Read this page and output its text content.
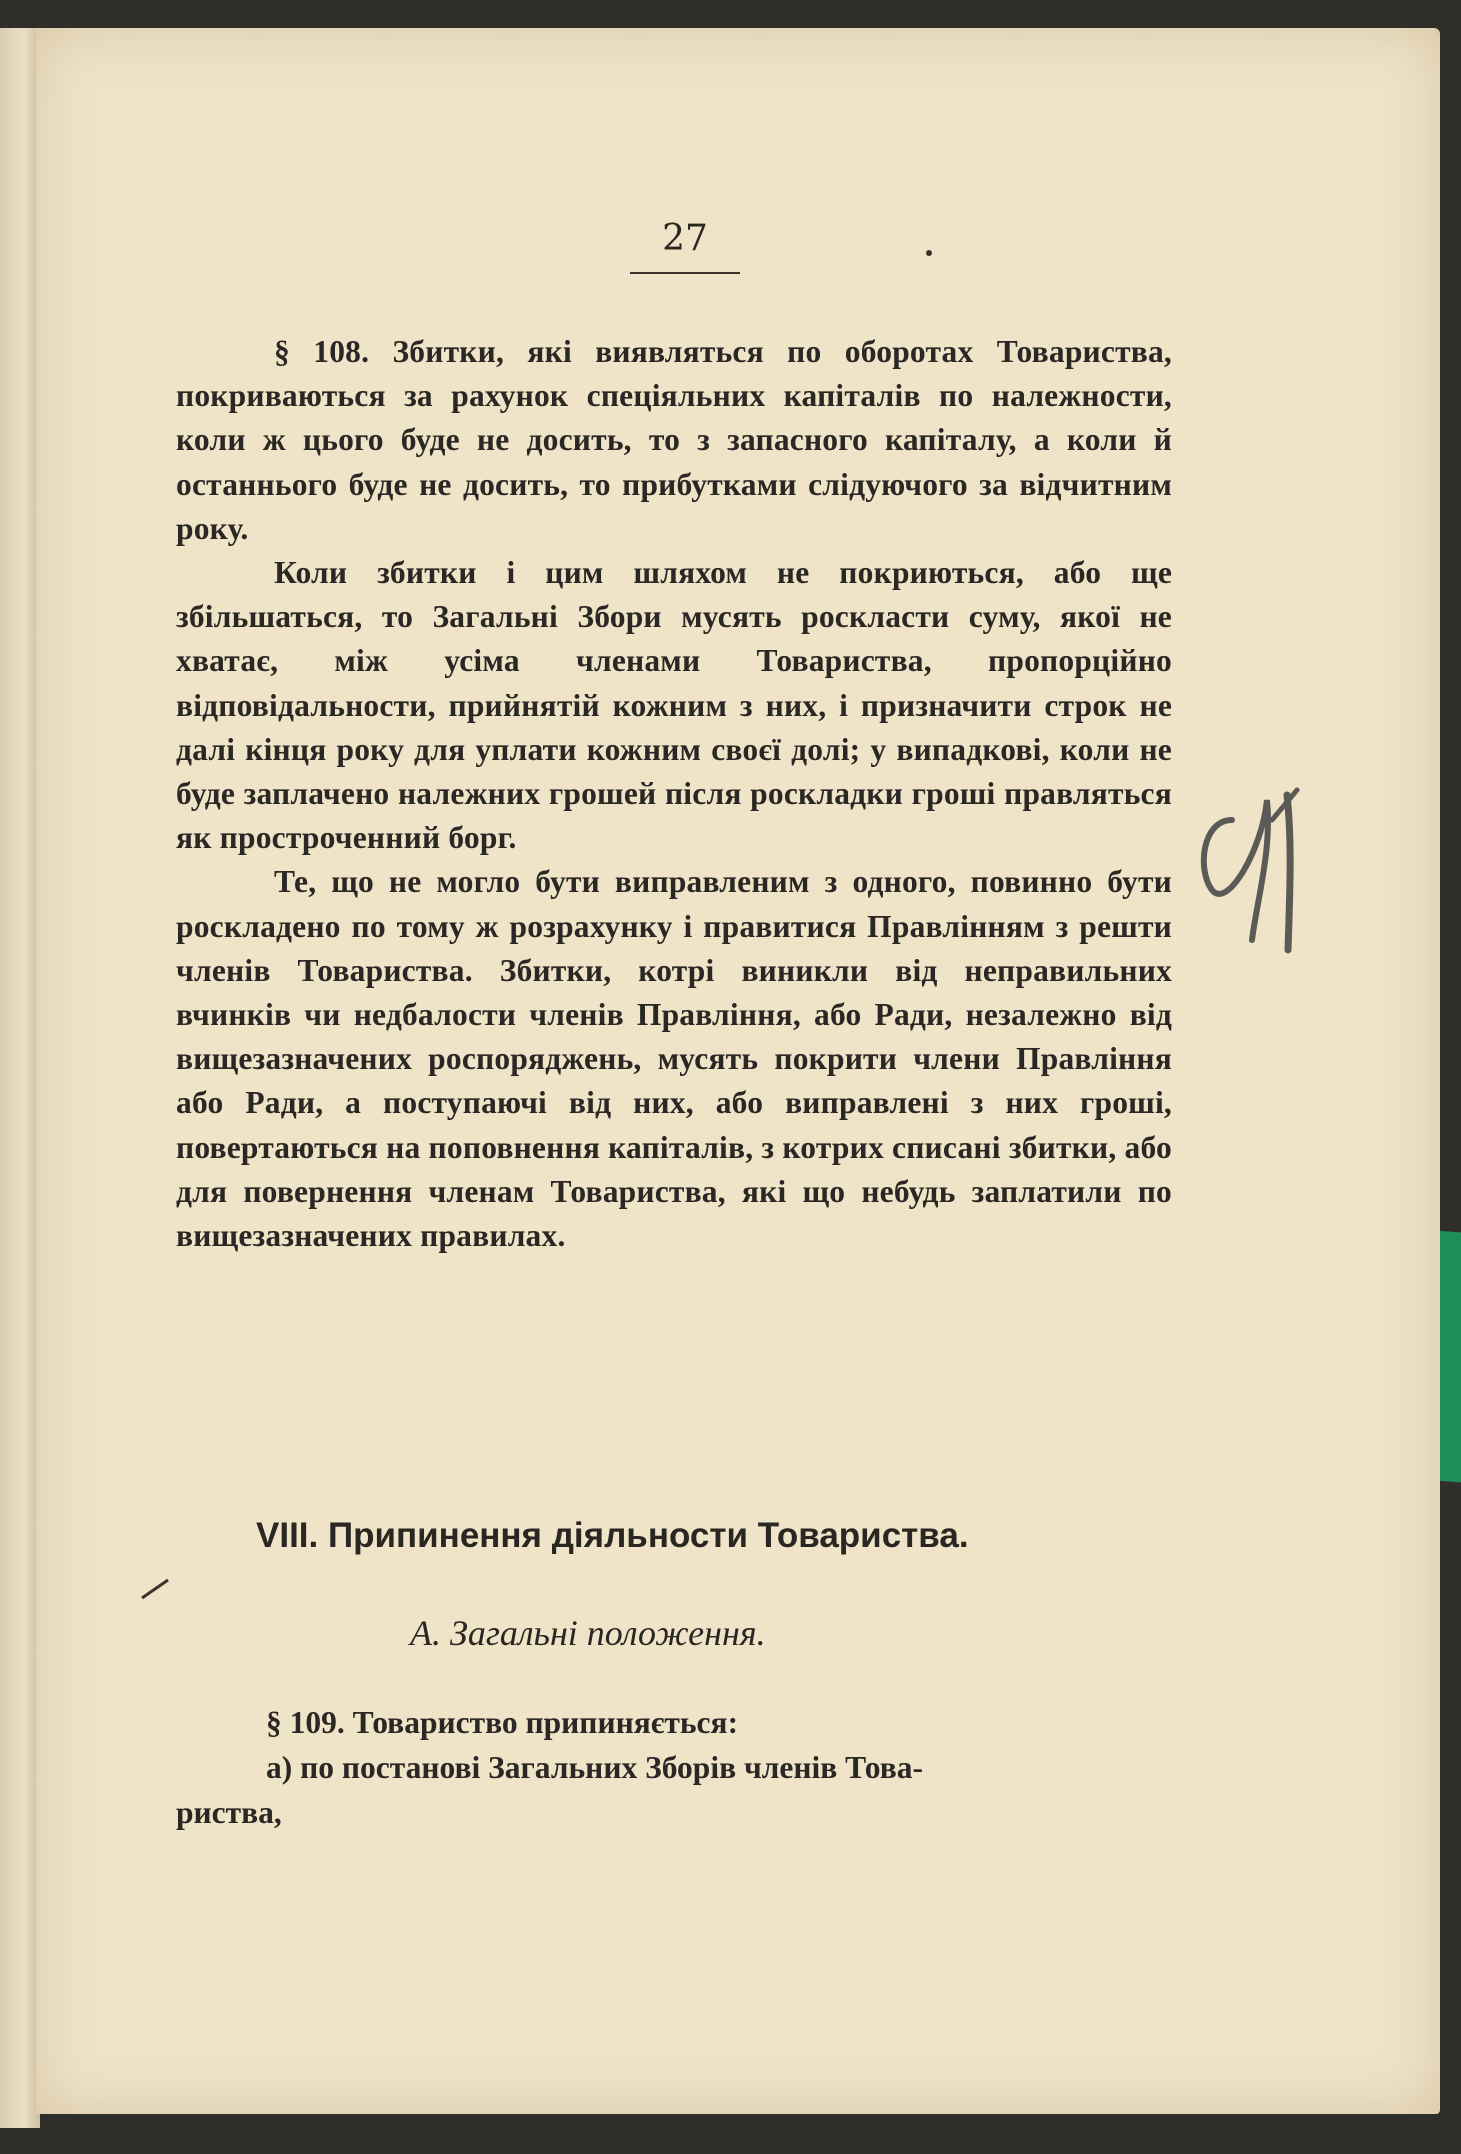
27

§ 108. Збитки, які виявляться по оборотах Товариства, покриваються за рахунок спеціяльних капіталів по належности, коли ж цього буде не досить, то з запасного капіталу, а коли й останнього буде не досить, то прибутками слідуючого за відчитним року.

Коли збитки і цим шляхом не покриються, або ще збільшаться, то Загальні Збори мусять роскласти суму, якої не хватає, між усіма членами Товариства, пропорційно відповідальности, прийнятій кожним з них, і призначити строк не далі кінця року для уплати кожним своєї долі; у випадкові, коли не буде заплачено належних грошей після роскладки гроші правляться як простроченний борг.

Те, що не могло бути виправленим з одного, повинно бути роскладено по тому ж розрахунку і правитися Правлінням з решти членів Товариства. Збитки, котрі виникли від неправильних вчинків чи недбалости членів Правління, або Ради, незалежно від вищезазначених роспоряджень, мусять покрити члени Правління або Ради, а поступаючі від них, або виправлені з них гроші, повертаються на поповнення капіталів, з котрих списані збитки, або для повернення членам Товариства, які що небудь заплатили по вищезазначених правилах.

VIII. Припинення діяльности Товариства.
А. Загальні положення.

§ 109. Товариство припиняється:

а) по постанові Загальних Зборів членів Това-

риства,
